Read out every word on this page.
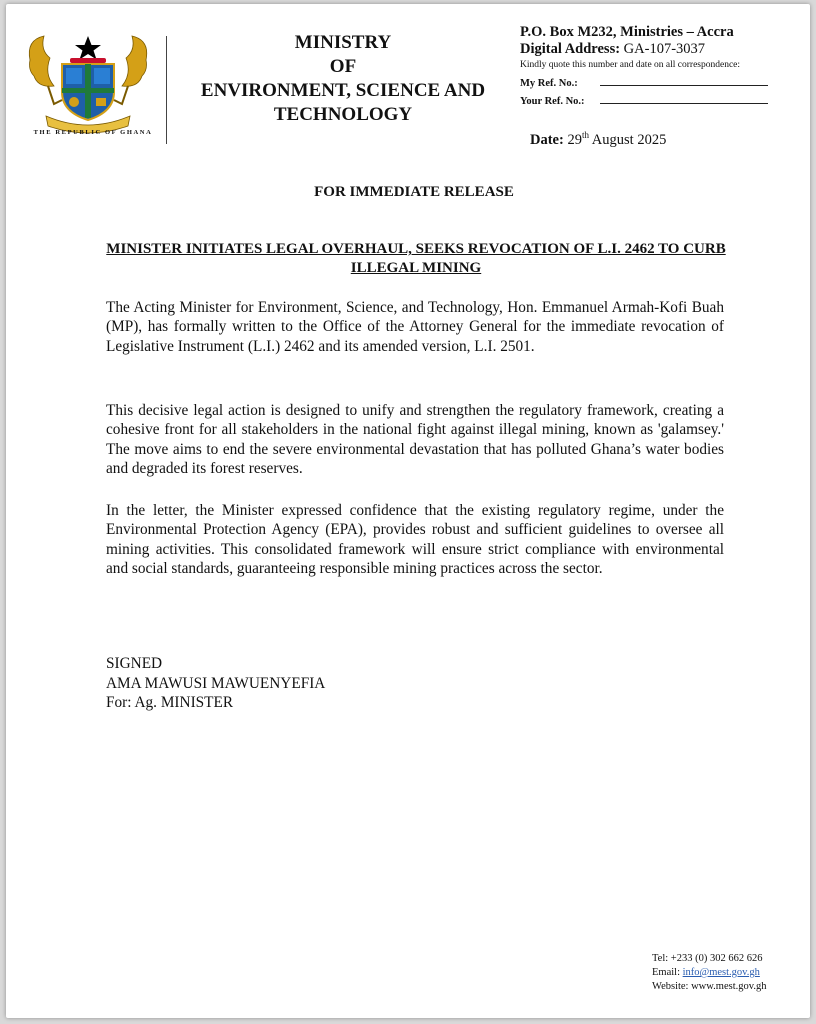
THE REPUBLIC OF GHANA
MINISTRY
OF
ENVIRONMENT, SCIENCE AND
TECHNOLOGY
P.O. Box M232, Ministries – Accra
Digital Address: GA-107-3037
Kindly quote this number and date on all correspondence:
My Ref. No.:
Your Ref. No.:
Date: 29th August 2025
FOR IMMEDIATE RELEASE
MINISTER INITIATES LEGAL OVERHAUL, SEEKS REVOCATION OF L.I. 2462 TO CURB ILLEGAL MINING
The Acting Minister for Environment, Science, and Technology, Hon. Emmanuel Armah-Kofi Buah (MP), has formally written to the Office of the Attorney General for the immediate revocation of Legislative Instrument (L.I.) 2462 and its amended version, L.I. 2501.
This decisive legal action is designed to unify and strengthen the regulatory framework, creating a cohesive front for all stakeholders in the national fight against illegal mining, known as 'galamsey.' The move aims to end the severe environmental devastation that has polluted Ghana’s water bodies and degraded its forest reserves.
In the letter, the Minister expressed confidence that the existing regulatory regime, under the Environmental Protection Agency (EPA), provides robust and sufficient guidelines to oversee all mining activities. This consolidated framework will ensure strict compliance with environmental and social standards, guaranteeing responsible mining practices across the sector.
SIGNED
AMA MAWUSI MAWUENYEFIA
For: Ag. MINISTER
Tel: +233 (0) 302 662 626
Email: info@mest.gov.gh
Website: www.mest.gov.gh
